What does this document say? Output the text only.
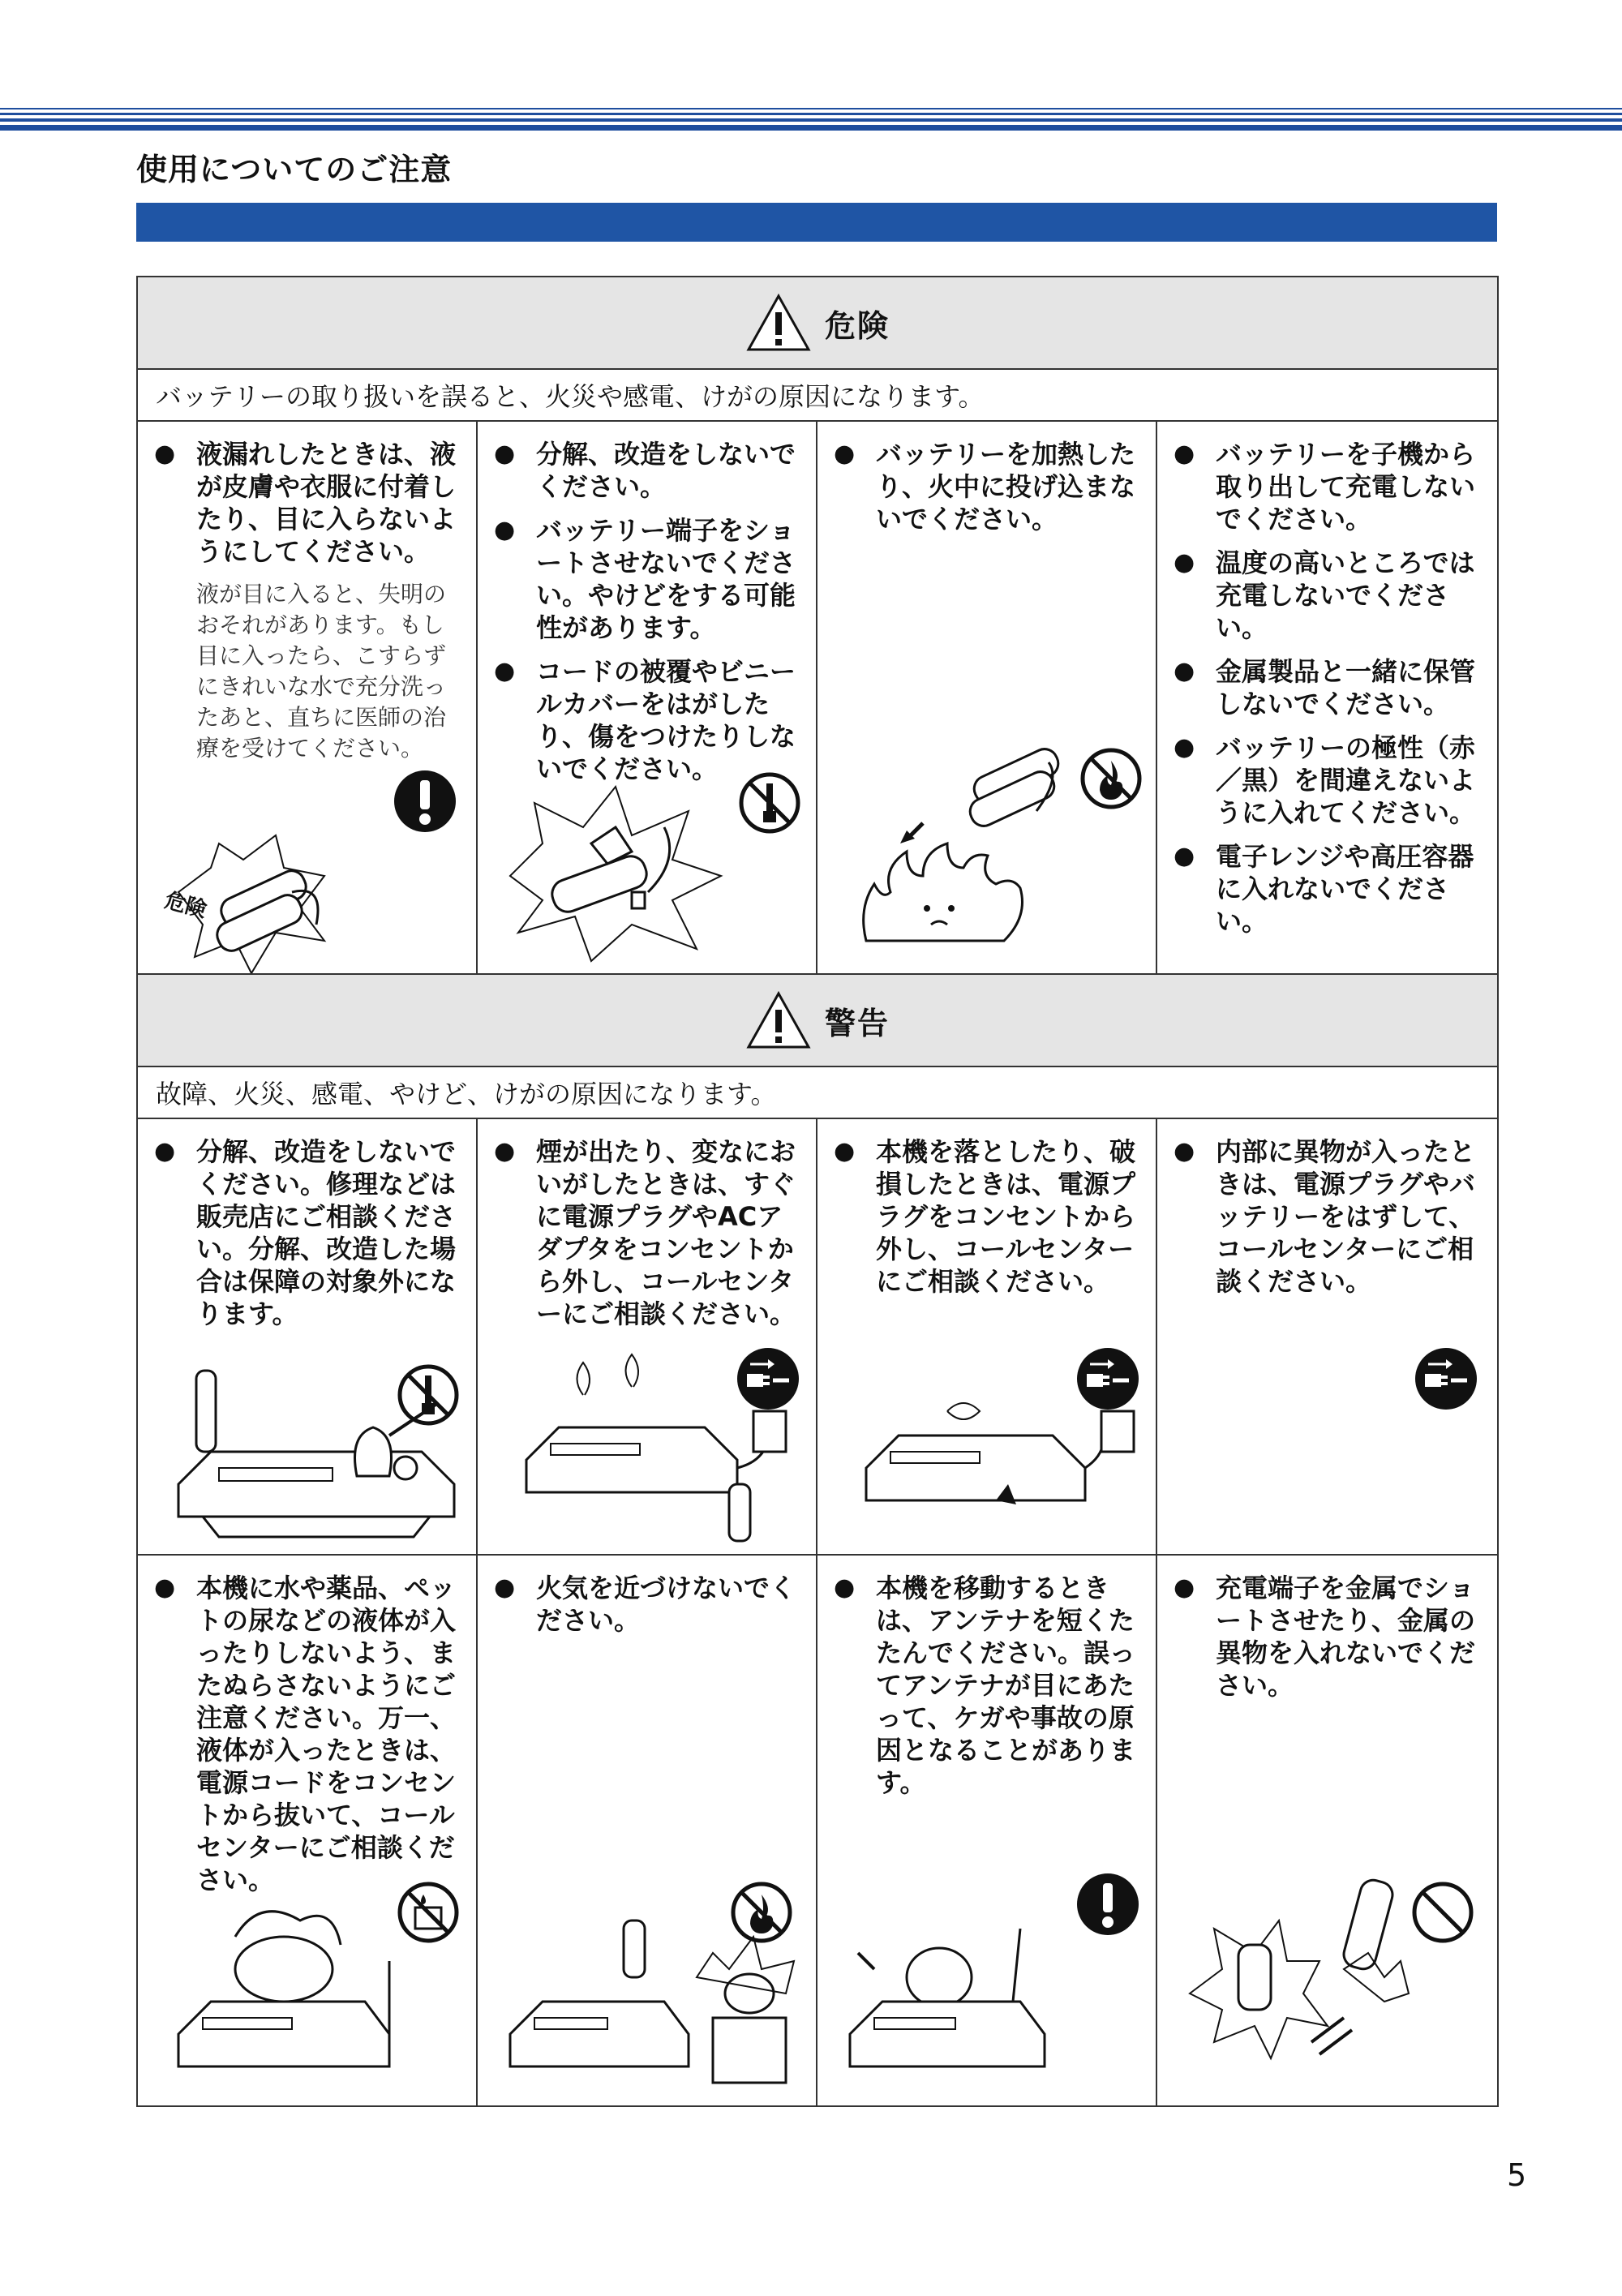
使用についてのご注意
危険
バッテリーの取り扱いを誤ると、火災や感電、けがの原因になります。
● 液漏れしたときは、液が皮膚や衣服に付着したり、目に入らないようにしてください。
液が目に入ると、失明のおそれがあります。もし目に入ったら、こすらずにきれいな水で充分洗ったあと、直ちに医師の治療を受けてください。
危険
● 分解、改造をしないでください。
● バッテリー端子をショートさせないでください。やけどをする可能性があります。
● コードの被覆やビニールカバーをはがしたり、傷をつけたりしないでください。
● バッテリーを加熱したり、火中に投げ込まないでください。
● バッテリーを子機から取り出して充電しないでください。
● 温度の高いところでは充電しないでください。
● 金属製品と一緒に保管しないでください。
● バッテリーの極性（赤／黒）を間違えないように入れてください。
● 電子レンジや高圧容器に入れないでください。
警告
故障、火災、感電、やけど、けがの原因になります。
● 分解、改造をしないでください。修理などは販売店にご相談ください。分解、改造した場合は保障の対象外になります。
● 煙が出たり、変なにおいがしたときは、すぐに電源プラグやACアダプタをコンセントから外し、コールセンターにご相談ください。
● 本機を落としたり、破損したときは、電源プラグをコンセントから外し、コールセンターにご相談ください。
● 内部に異物が入ったときは、電源プラグやバッテリーをはずして、コールセンターにご相談ください。
● 本機に水や薬品、ペットの尿などの液体が入ったりしないよう、またぬらさないようにご注意ください。万一、液体が入ったときは、電源コードをコンセントから抜いて、コールセンターにご相談ください。
● 火気を近づけないでください。
● 本機を移動するときは、アンテナを短くたたんでください。誤ってアンテナが目にあたって、ケガや事故の原因となることがあります。
● 充電端子を金属でショートさせたり、金属の異物を入れないでください。
5
